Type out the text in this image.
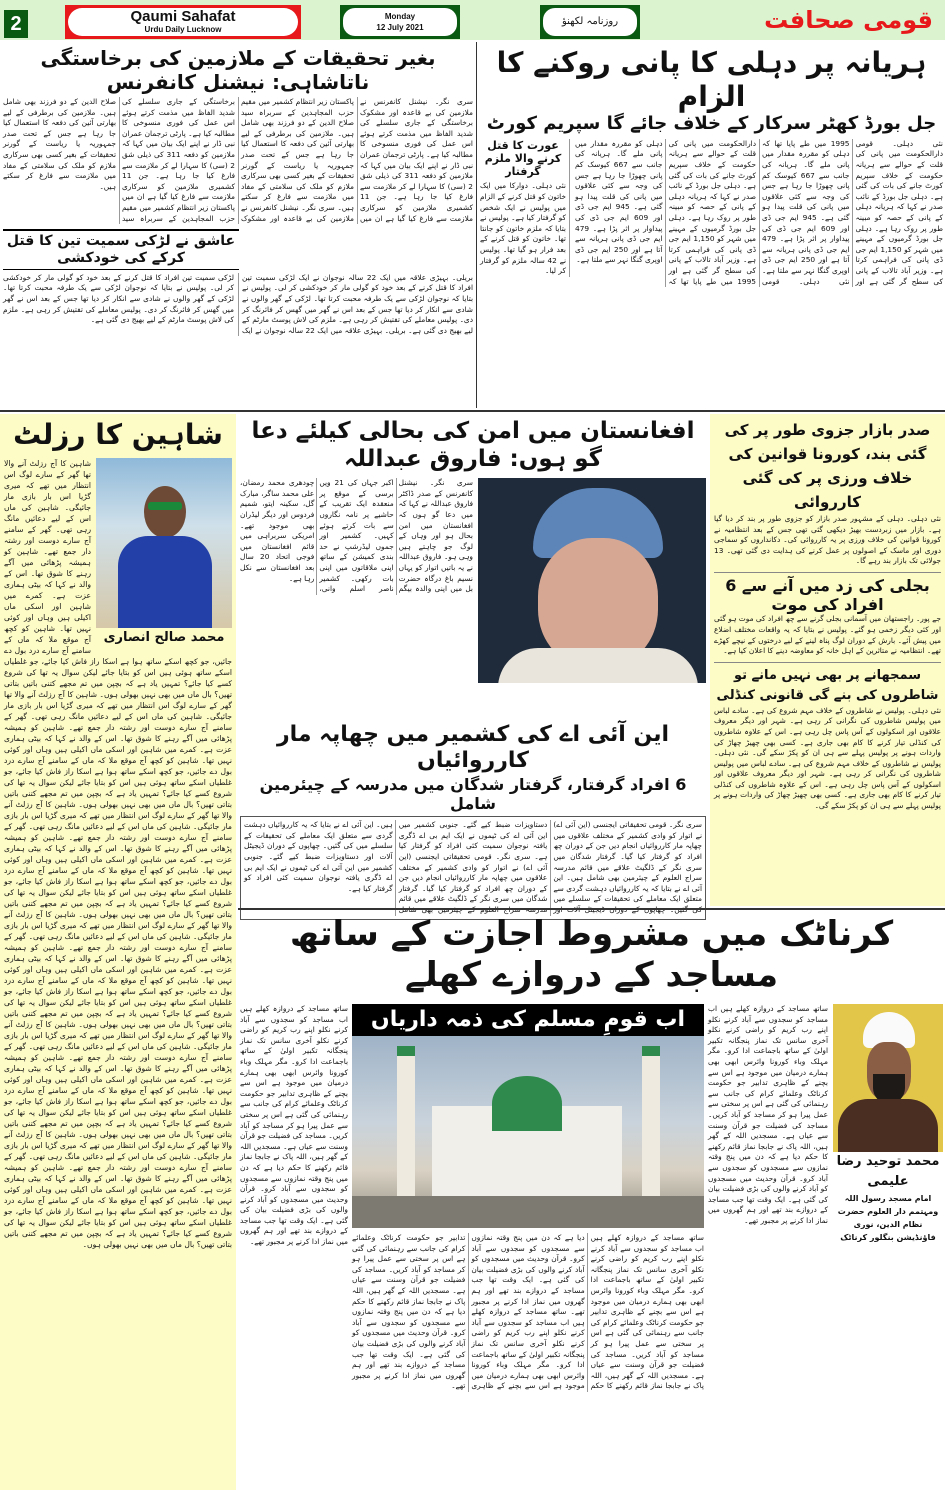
2	Qaumi Sahafat
Urdu Daily Lucknow
Monday
12 July 2021
روزنامہ لکھنؤ	قومی صحافت
ہریانہ پر دہلی کا پانی روکنے کا الزام
جل بورڈ کھٹر سرکار کے خلاف جائے گا سپریم کورٹ
نئی دہلی۔ قومی دارالحکومت میں پانی کی قلت کے حوالے سے ہریانہ حکومت کے خلاف سپریم کورٹ جانے کی بات کی گئی ہے۔ دہلی جل بورڈ کے نائب صدر نے کہا کہ ہریانہ دہلی کے پانی کے حصہ کو مبینہ طور پر روک رہا ہے۔ دہلی جل بورڈ گرمیوں کے مہینے میں شہر کو 1,150 ایم جی ڈی پانی کی فراہمی کرتا ہے۔ وزیر آباد تالاب کے پانی کی سطح گر گئی ہے اور 1995 میں طے پایا تھا کہ دہلی کو مقررہ مقدار میں پانی ملے گا۔ ہریانہ کی جانب سے 667 کیوسک کم پانی چھوڑا جا رہا ہے جس کی وجہ سے کئی علاقوں میں پانی کی قلت پیدا ہو گئی ہے۔ 945 ایم جی ڈی اور 609 ایم جی ڈی کی پیداوار پر اثر پڑا ہے۔ 479 ایم جی ڈی پانی ہریانہ سے آتا ہے اور 250 ایم جی ڈی اوپری گنگا نہر سے ملتا ہے۔ نئی دہلی۔ قومی دارالحکومت میں پانی کی قلت کے حوالے سے ہریانہ حکومت کے خلاف سپریم کورٹ جانے کی بات کی گئی ہے۔ دہلی جل بورڈ کے نائب صدر نے کہا کہ ہریانہ دہلی کے پانی کے حصہ کو مبینہ طور پر روک رہا ہے۔ دہلی جل بورڈ گرمیوں کے مہینے میں شہر کو 1,150 ایم جی ڈی پانی کی فراہمی کرتا ہے۔ وزیر آباد تالاب کے پانی کی سطح گر گئی ہے اور 1995 میں طے پایا تھا کہ دہلی کو مقررہ مقدار میں پانی ملے گا۔ ہریانہ کی جانب سے 667 کیوسک کم پانی چھوڑا جا رہا ہے جس کی وجہ سے کئی علاقوں میں پانی کی قلت پیدا ہو گئی ہے۔ 945 ایم جی ڈی اور 609 ایم جی ڈی کی پیداوار پر اثر پڑا ہے۔ 479 ایم جی ڈی پانی ہریانہ سے آتا ہے اور 250 ایم جی ڈی اوپری گنگا نہر سے ملتا ہے۔
عورت کا قتل کرنے والا ملزم گرفتار
نئی دہلی۔ دوارکا میں ایک خاتون کو قتل کرنے کے الزام میں پولیس نے ایک شخص کو گرفتار کیا ہے۔ پولیس نے بتایا کہ ملزم خاتون کو جانتا تھا۔ خاتون کو قتل کرنے کے بعد فرار ہو گیا تھا۔ پولیس نے 42 سالہ ملزم کو گرفتار کر لیا۔
بغیر تحقیقات کے ملازمین کی برخاستگی ناتاشاہی: نیشنل کانفرنس
سری نگر۔ نیشنل کانفرنس نے ملازمین کی بے قاعدہ اور مشکوک برخاستگی کے جاری سلسلے کی شدید الفاظ میں مذمت کرتے ہوئے اس عمل کی فوری منسوخی کا مطالبہ کیا ہے۔ پارٹی ترجمان عمران نبی ڈار نے اپنے ایک بیان میں کہا کہ ملازمین کو دفعہ 311 کی ذیلی شق 2 (سی) کا سہارا لے کر ملازمت سے فارغ کیا جا رہا ہے۔ جن 11 کشمیری ملازمین کو سرکاری ملازمت سے فارغ کیا گیا ہے ان میں پاکستان زیر انتظام کشمیر میں مقیم حزب المجاہدین کے سربراہ سید صلاح الدین کے دو فرزند بھی شامل ہیں۔ ملازمین کی برطرفی کے لیے بھارتی آئین کی دفعہ کا استعمال کیا جا رہا ہے جس کے تحت صدر جمہوریہ یا ریاست کے گورنر تحقیقات کے بغیر کسی بھی سرکاری ملازم کو ملک کی سلامتی کے مفاد میں ملازمت سے فارغ کر سکتے ہیں۔ سری نگر۔ نیشنل کانفرنس نے ملازمین کی بے قاعدہ اور مشکوک برخاستگی کے جاری سلسلے کی شدید الفاظ میں مذمت کرتے ہوئے اس عمل کی فوری منسوخی کا مطالبہ کیا ہے۔ پارٹی ترجمان عمران نبی ڈار نے اپنے ایک بیان میں کہا کہ ملازمین کو دفعہ 311 کی ذیلی شق 2 (سی) کا سہارا لے کر ملازمت سے فارغ کیا جا رہا ہے۔ جن 11 کشمیری ملازمین کو سرکاری ملازمت سے فارغ کیا گیا ہے ان میں پاکستان زیر انتظام کشمیر میں مقیم حزب المجاہدین کے سربراہ سید صلاح الدین کے دو فرزند بھی شامل ہیں۔ ملازمین کی برطرفی کے لیے بھارتی آئین کی دفعہ کا استعمال کیا جا رہا ہے جس کے تحت صدر جمہوریہ یا ریاست کے گورنر تحقیقات کے بغیر کسی بھی سرکاری ملازم کو ملک کی سلامتی کے مفاد میں ملازمت سے فارغ کر سکتے ہیں۔
عاشق نے لڑکی سمیت تین کا قتل کرکے کی خودکشی
بریلی۔ بہیڑی علاقہ میں ایک 22 سالہ نوجوان نے ایک لڑکی سمیت تین افراد کا قتل کرنے کے بعد خود کو گولی مار کر خودکشی کر لی۔ پولیس نے بتایا کہ نوجوان لڑکی سے یک طرفہ محبت کرتا تھا۔ لڑکی کے گھر والوں نے شادی سے انکار کر دیا تھا جس کے بعد اس نے گھر میں گھس کر فائرنگ کر دی۔ پولیس معاملے کی تفتیش کر رہی ہے۔ ملزم کی لاش پوسٹ مارٹم کے لیے بھیج دی گئی ہے۔ بریلی۔ بہیڑی علاقہ میں ایک 22 سالہ نوجوان نے ایک لڑکی سمیت تین افراد کا قتل کرنے کے بعد خود کو گولی مار کر خودکشی کر لی۔ پولیس نے بتایا کہ نوجوان لڑکی سے یک طرفہ محبت کرتا تھا۔ لڑکی کے گھر والوں نے شادی سے انکار کر دیا تھا جس کے بعد اس نے گھر میں گھس کر فائرنگ کر دی۔ پولیس معاملے کی تفتیش کر رہی ہے۔ ملزم کی لاش پوسٹ مارٹم کے لیے بھیج دی گئی ہے۔
شاہین کا رزلٹ
محمد صالح انصاری
شاہین کا آج رزلٹ آنے والا تھا گھر کے سارے لوگ اس انتظار میں تھے کہ میری گڑیا اس بار بازی مار جائیگی۔ شاہین کی ماں اس کے لیے دعائیں مانگ رہی تھی۔ گھر کے سامنے آج سارے دوست اور رشتہ دار جمع تھے۔ شاہین کو ہمیشہ پڑھائی میں آگے رہنے کا شوق تھا۔ اس کے والد نے کہا کہ بیٹی ہماری عزت ہے۔ کمرے میں شاہین اور اسکی ماں اکیلی ہیں وہاں اور کوئی نہیں تھا۔ شاہین کو کچھ آج موقع ملا کہ ماں کے سامنے آج سارے درد بول دے جائیں، جو کچھ اسکے ساتھ ہوا ہے اسکا راز فاش کیا جائے، جو غلطیاں اسکے ساتھ ہوئی ہیں اس کو بتایا جائے لیکن سوال یہ تھا کی شروع کسے کیا جائے؟ تمہیں یاد ہے کہ بچپن میں تم مجھے کتنی باتیں بتاتی تھیں؟ بال ماں میں بھی نہیں بھولی ہوں۔ شاہین کا آج رزلٹ آنے والا تھا گھر کے سارے لوگ اس انتظار میں تھے کہ میری گڑیا اس بار بازی مار جائیگی۔ شاہین کی ماں اس کے لیے دعائیں مانگ رہی تھی۔ گھر کے سامنے آج سارے دوست اور رشتہ دار جمع تھے۔ شاہین کو ہمیشہ پڑھائی میں آگے رہنے کا شوق تھا۔ اس کے والد نے کہا کہ بیٹی ہماری عزت ہے۔ کمرے میں شاہین اور اسکی ماں اکیلی ہیں وہاں اور کوئی نہیں تھا۔ شاہین کو کچھ آج موقع ملا کہ ماں کے سامنے آج سارے درد بول دے جائیں، جو کچھ اسکے ساتھ ہوا ہے اسکا راز فاش کیا جائے، جو غلطیاں اسکے ساتھ ہوئی ہیں اس کو بتایا جائے لیکن سوال یہ تھا کی شروع کسے کیا جائے؟ تمہیں یاد ہے کہ بچپن میں تم مجھے کتنی باتیں بتاتی تھیں؟ بال ماں میں بھی نہیں بھولی ہوں۔ شاہین کا آج رزلٹ آنے والا تھا گھر کے سارے لوگ اس انتظار میں تھے کہ میری گڑیا اس بار بازی مار جائیگی۔ شاہین کی ماں اس کے لیے دعائیں مانگ رہی تھی۔ گھر کے سامنے آج سارے دوست اور رشتہ دار جمع تھے۔ شاہین کو ہمیشہ پڑھائی میں آگے رہنے کا شوق تھا۔ اس کے والد نے کہا کہ بیٹی ہماری عزت ہے۔ کمرے میں شاہین اور اسکی ماں اکیلی ہیں وہاں اور کوئی نہیں تھا۔ شاہین کو کچھ آج موقع ملا کہ ماں کے سامنے آج سارے درد بول دے جائیں، جو کچھ اسکے ساتھ ہوا ہے اسکا راز فاش کیا جائے، جو غلطیاں اسکے ساتھ ہوئی ہیں اس کو بتایا جائے لیکن سوال یہ تھا کی شروع کسے کیا جائے؟ تمہیں یاد ہے کہ بچپن میں تم مجھے کتنی باتیں بتاتی تھیں؟ بال ماں میں بھی نہیں بھولی ہوں۔ شاہین کا آج رزلٹ آنے والا تھا گھر کے سارے لوگ اس انتظار میں تھے کہ میری گڑیا اس بار بازی مار جائیگی۔ شاہین کی ماں اس کے لیے دعائیں مانگ رہی تھی۔ گھر کے سامنے آج سارے دوست اور رشتہ دار جمع تھے۔ شاہین کو ہمیشہ پڑھائی میں آگے رہنے کا شوق تھا۔ اس کے والد نے کہا کہ بیٹی ہماری عزت ہے۔ کمرے میں شاہین اور اسکی ماں اکیلی ہیں وہاں اور کوئی نہیں تھا۔ شاہین کو کچھ آج موقع ملا کہ ماں کے سامنے آج سارے درد بول دے جائیں، جو کچھ اسکے ساتھ ہوا ہے اسکا راز فاش کیا جائے، جو غلطیاں اسکے ساتھ ہوئی ہیں اس کو بتایا جائے لیکن سوال یہ تھا کی شروع کسے کیا جائے؟ تمہیں یاد ہے کہ بچپن میں تم مجھے کتنی باتیں بتاتی تھیں؟ بال ماں میں بھی نہیں بھولی ہوں۔ شاہین کا آج رزلٹ آنے والا تھا گھر کے سارے لوگ اس انتظار میں تھے کہ میری گڑیا اس بار بازی مار جائیگی۔ شاہین کی ماں اس کے لیے دعائیں مانگ رہی تھی۔ گھر کے سامنے آج سارے دوست اور رشتہ دار جمع تھے۔ شاہین کو ہمیشہ پڑھائی میں آگے رہنے کا شوق تھا۔ اس کے والد نے کہا کہ بیٹی ہماری عزت ہے۔ کمرے میں شاہین اور اسکی ماں اکیلی ہیں وہاں اور کوئی نہیں تھا۔ شاہین کو کچھ آج موقع ملا کہ ماں کے سامنے آج سارے درد بول دے جائیں، جو کچھ اسکے ساتھ ہوا ہے اسکا راز فاش کیا جائے، جو غلطیاں اسکے ساتھ ہوئی ہیں اس کو بتایا جائے لیکن سوال یہ تھا کی شروع کسے کیا جائے؟ تمہیں یاد ہے کہ بچپن میں تم مجھے کتنی باتیں بتاتی تھیں؟ بال ماں میں بھی نہیں بھولی ہوں۔ شاہین کا آج رزلٹ آنے والا تھا گھر کے سارے لوگ اس انتظار میں تھے کہ میری گڑیا اس بار بازی مار جائیگی۔ شاہین کی ماں اس کے لیے دعائیں مانگ رہی تھی۔ گھر کے سامنے آج سارے دوست اور رشتہ دار جمع تھے۔ شاہین کو ہمیشہ پڑھائی میں آگے رہنے کا شوق تھا۔ اس کے والد نے کہا کہ بیٹی ہماری عزت ہے۔ کمرے میں شاہین اور اسکی ماں اکیلی ہیں وہاں اور کوئی نہیں تھا۔ شاہین کو کچھ آج موقع ملا کہ ماں کے سامنے آج سارے درد بول دے جائیں، جو کچھ اسکے ساتھ ہوا ہے اسکا راز فاش کیا جائے، جو غلطیاں اسکے ساتھ ہوئی ہیں اس کو بتایا جائے لیکن سوال یہ تھا کی شروع کسے کیا جائے؟ تمہیں یاد ہے کہ بچپن میں تم مجھے کتنی باتیں بتاتی تھیں؟ بال ماں میں بھی نہیں بھولی ہوں۔
افغانستان میں امن کی بحالی کیلئے دعا گو ہوں: فاروق عبداللہ
سری نگر۔ نیشنل کانفرنس کے صدر ڈاکٹر فاروق عبداللہ نے کہا کہ میں دعا گو ہوں کہ افغانستان میں امن بحال ہو اور وہاں کے لوگ جو چاہتے ہیں وہی ہو۔ فاروق عبداللہ نے یہ باتیں اتوار کو یہاں نسیم باغ درگاہ حضرت بل میں اپنی والدہ بیگم اکبر جہاں کی 21 ویں برسی کے موقع پر منعقدہ ایک تقریب کے حاشیے پر نامہ نگاروں سے بات کرتے ہوئے کہیں۔ کشمیر اور جموں لیڈرشپ نے حد بندی کمیشن کے ساتھ اپنی ملاقاتوں میں اپنی بات رکھی۔ کشمیر ناصر اسلم وانی، چودھری محمد رمضان، علی محمد ساگر، مبارک گل، سکینہ ایتو، شمیم فردوس اور دیگر لیڈران بھی موجود تھے۔ امریکی سربراہی میں قائم افغانستان میں فوجی اتحاد 20 سال بعد افغانستان سے نکل رہا ہے۔
این آئی اے کی کشمیر میں چھاپہ مار کارروائیاں
6 افراد گرفتار، گرفتار شدگان میں مدرسہ کے چیئرمین شامل
سری نگر۔ قومی تحقیقاتی ایجنسی (این آئی اے) نے اتوار کو وادی کشمیر کے مختلف علاقوں میں چھاپہ مار کارروائیاں انجام دیں جن کے دوران چھ افراد کو گرفتار کیا گیا۔ گرفتار شدگان میں سری نگر کے ڈلگیٹ علاقے میں قائم مدرسہ سراج العلوم کے چیئرمین بھی شامل ہیں۔ این آئی اے نے بتایا کہ یہ کارروائیاں دہشت گردی سے متعلق ایک معاملے کی تحقیقات کے سلسلے میں دستاویزات ضبط کیے گئے۔ جنوبی کشمیر میں این آئی اے کی ٹیموں نے ایک ایم بی اے ڈگری یافتہ نوجوان سمیت کئی افراد کو گرفتار کیا ہے۔ سری نگر۔ قومی تحقیقاتی ایجنسی (این آئی اے) نے اتوار کو وادی کشمیر کے مختلف علاقوں میں چھاپہ مار کارروائیاں انجام دیں جن کے دوران چھ افراد کو گرفتار کیا گیا۔ گرفتار شدگان میں سری نگر کے ڈلگیٹ علاقے میں قائم ہیں۔ این آئی اے نے بتایا کہ یہ کارروائیاں دہشت گردی سے متعلق ایک معاملے کی تحقیقات کے سلسلے میں کی گئیں۔ چھاپوں کے دوران ڈیجیٹل آلات اور دستاویزات ضبط کیے گئے۔ جنوبی کشمیر میں این آئی اے کی ٹیموں نے ایک ایم بی اے ڈگری یافتہ نوجوان سمیت کئی افراد کو گرفتار کیا ہے۔
صدر بازار جزوی طور پر کی گئی بند، کورونا قوانین کی خلاف ورزی پر کی گئی کارروائی
نئی دہلی۔ دہلی کے مشہور صدر بازار کو جزوی طور پر بند کر دیا گیا ہے۔ بازار میں زبردست بھیڑ دیکھی گئی تھی جس کے بعد انتظامیہ نے کورونا قوانین کی خلاف ورزی پر یہ کارروائی کی۔ دکانداروں کو سماجی دوری اور ماسک کے اصولوں پر عمل کرنے کی ہدایت دی گئی تھی۔ 13 جولائی تک بازار بند رہے گا۔
بجلی کی زد میں آنے سے 6 افراد کی موت
جے پور۔ راجستھان میں آسمانی بجلی گرنے سے چھ افراد کی موت ہو گئی اور کئی دیگر زخمی ہو گئے۔ پولیس نے بتایا کہ یہ واقعات مختلف اضلاع میں پیش آئے۔ بارش کے دوران لوگ پناہ لینے کے لیے درختوں کے نیچے کھڑے تھے۔ انتظامیہ نے متاثرین کے اہل خانہ کو معاوضہ دینے کا اعلان کیا ہے۔
سمجھانے پر بھی نہیں مانے تو شاطروں کی بنے گی قانونی کنڈلی
نئی دہلی۔ پولیس نے شاطروں کے خلاف مہم شروع کی ہے۔ سادے لباس میں پولیس شاطروں کی نگرانی کر رہی ہے۔ شہر اور دیگر معروف علاقوں اور اسکولوں کے آس پاس چل رہی ہے۔ اس کے علاوہ شاطروں کی کنڈلی تیار کرنے کا کام بھی جاری ہے۔ کسی بھی چھیڑ چھاڑ کی واردات ہونے پر پولیس پہلے سے ہی ان کو پکڑ سکے گی۔ نئی دہلی۔ پولیس نے شاطروں کے خلاف مہم شروع کی ہے۔ سادے لباس میں پولیس شاطروں کی نگرانی کر رہی ہے۔ شہر اور دیگر معروف علاقوں اور اسکولوں کے آس پاس چل رہی ہے۔ اس کے علاوہ شاطروں کی کنڈلی تیار کرنے کا کام بھی جاری ہے۔ کسی بھی چھیڑ چھاڑ کی واردات ہونے پر پولیس پہلے سے ہی ان کو پکڑ سکے گی۔
کرناٹک میں مشروط اجازت کے ساتھ مساجد کے دروازے کھلے
محمد توحید رضا علیمی
امام مسجد رسول اللہ ومہتمم دار العلوم حضرت نظام الدین، نوری فاؤنڈیشن بنگلور کرناٹک
ساتھ مساجد کے دروازہ کھلے ہیں اب مساجد کو سجدوں سے آباد کرنے نکلو اپنے رب کریم کو راضی کرنے نکلو آخری سانس تک نماز پنجگانہ تکبیر اولیٰ کے ساتھ باجماعت ادا کرو۔ مگر مہلک وباء کورونا وائرس ابھی بھی ہمارے درمیان میں موجود ہے اس سے بچنے کے ظاہری تدابیر جو حکومت کرناٹک وعلمائے کرام کی جانب سے رہنمائی کی گئی ہے اس پر سختی سے عمل پیرا ہو کر مساجد کو آباد کریں۔ مساجد کی فضیلت جو قرآن وسنت سے عیاں ہے۔ مسجدیں اللہ کے گھر ہیں، اللہ پاک نے جابجا نماز قائم رکھنے کا حکم دیا ہے کہ دن میں پنج وقتہ نمازوں سے مسجدوں کو سجدوں سے آباد کرو۔ قرآن وحدیث میں مسجدوں کو آباد کرنے والوں کی بڑی فضیلت بیان کی گئی ہے۔ ایک وقت تھا جب مساجد کے دروازے بند تھے اور ہم گھروں میں نماز ادا کرنے پر مجبور تھے۔
اب قومِ مسلم کی ذمہ داریاں
ساتھ مساجد کے دروازہ کھلے ہیں اب مساجد کو سجدوں سے آباد کرنے نکلو اپنے رب کریم کو راضی کرنے نکلو آخری سانس تک نماز پنجگانہ تکبیر اولیٰ کے ساتھ باجماعت ادا کرو۔ مگر مہلک وباء کورونا وائرس ابھی بھی ہمارے درمیان میں موجود ہے اس سے بچنے کے ظاہری تدابیر جو حکومت کرناٹک وعلمائے کرام کی جانب سے رہنمائی کی گئی ہے اس پر سختی سے عمل پیرا ہو کر مساجد کو آباد کریں۔ مساجد کی فضیلت جو قرآن وسنت سے عیاں ہے۔ مسجدیں اللہ کے گھر ہیں، اللہ پاک نے جابجا نماز قائم رکھنے کا حکم دیا ہے کہ دن میں پنج وقتہ نمازوں سے مسجدوں کو سجدوں سے آباد کرو۔ قرآن وحدیث میں مسجدوں کو آباد کرنے والوں کی بڑی فضیلت بیان کی گئی ہے۔ ایک وقت تھا جب مساجد کے دروازے بند تھے اور ہم گھروں میں نماز ادا کرنے پر مجبور تھے۔ ساتھ مساجد کے دروازہ کھلے ہیں اب مساجد کو سجدوں سے آباد کرنے نکلو اپنے رب کریم کو راضی کرنے نکلو آخری سانس تک نماز پنجگانہ تکبیر اولیٰ کے ساتھ باجماعت ادا کرو۔ مگر مہلک وباء کورونا وائرس ابھی بھی ہمارے درمیان میں موجود ہے اس سے بچنے کے ظاہری تدابیر جو حکومت کرناٹک وعلمائے کرام کی جانب سے رہنمائی کی گئی ہے اس پر سختی سے عمل پیرا ہو کر مساجد کو آباد کریں۔ مساجد کی فضیلت جو قرآن وسنت سے عیاں ہے۔ مسجدیں اللہ کے گھر ہیں، اللہ پاک نے جابجا نماز قائم رکھنے کا حکم دیا ہے کہ دن میں پنج وقتہ نمازوں سے مسجدوں کو سجدوں سے آباد کرو۔ قرآن وحدیث میں مسجدوں کو آباد کرنے والوں کی بڑی فضیلت بیان کی گئی ہے۔ ایک وقت تھا جب مساجد کے دروازے بند تھے اور ہم گھروں میں نماز ادا کرنے پر مجبور تھے۔
ساتھ مساجد کے دروازہ کھلے ہیں اب مساجد کو سجدوں سے آباد کرنے نکلو اپنے رب کریم کو راضی کرنے نکلو آخری سانس تک نماز پنجگانہ تکبیر اولیٰ کے ساتھ باجماعت ادا کرو۔ مگر مہلک وباء کورونا وائرس ابھی بھی ہمارے درمیان میں موجود ہے اس سے بچنے کے ظاہری تدابیر جو حکومت کرناٹک وعلمائے کرام کی جانب سے رہنمائی کی گئی ہے اس پر سختی سے عمل پیرا ہو کر مساجد کو آباد کریں۔ مساجد کی فضیلت جو قرآن وسنت سے عیاں ہے۔ مسجدیں اللہ کے گھر ہیں، اللہ پاک نے جابجا نماز قائم رکھنے کا حکم دیا ہے کہ دن میں پنج وقتہ نمازوں سے مسجدوں کو سجدوں سے آباد کرو۔ قرآن وحدیث میں مسجدوں کو آباد کرنے والوں کی بڑی فضیلت بیان کی گئی ہے۔ ایک وقت تھا جب مساجد کے دروازے بند تھے اور ہم گھروں میں نماز ادا کرنے پر مجبور تھے۔
